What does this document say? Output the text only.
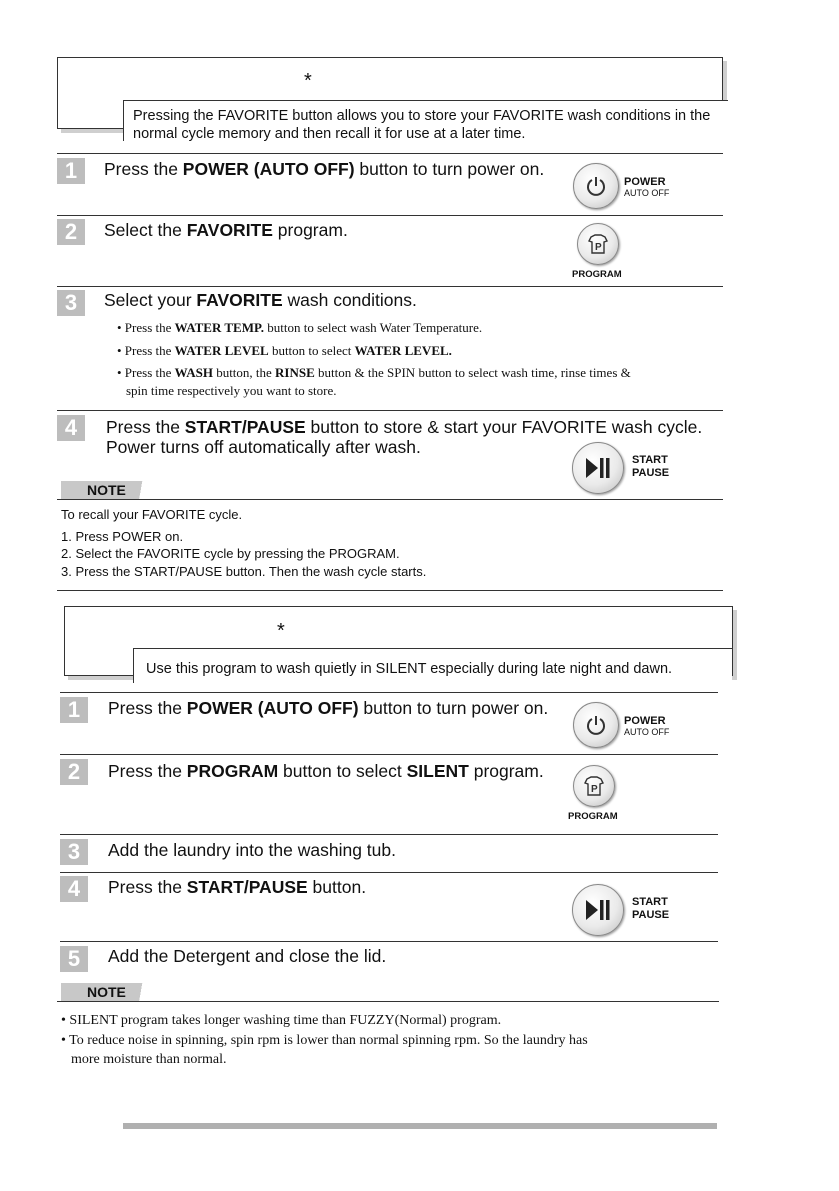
*
Pressing the FAVORITE button allows you to store your FAVORITE wash conditions in the normal cycle memory and then recall it for use at a later time.
1	Press the POWER (AUTO OFF) button to turn power on.
POWER
AUTO OFF
2	Select the FAVORITE program.
P
PROGRAM
3	Select your FAVORITE wash conditions.
• Press the WATER TEMP. button to select wash Water Temperature.
• Press the WATER LEVEL button to select WATER LEVEL.
• Press the WASH button, the RINSE button & the SPIN button to select wash time, rinse times &
spin time respectively you want to store.
4	Press the START/PAUSE button to store & start your FAVORITE wash cycle.
Power turns off automatically after wash.
START
PAUSE
NOTE
To recall your FAVORITE cycle.
1. Press POWER on.
2. Select the FAVORITE cycle by pressing the PROGRAM.
3. Press the START/PAUSE button. Then the wash cycle starts.
*
Use this program to wash quietly in SILENT especially during late night and dawn.
1	Press the POWER (AUTO OFF) button to turn power on.
POWER
AUTO OFF
2	Press the PROGRAM button to select SILENT program.
P
PROGRAM
3	Add the laundry into the washing tub.
4	Press the START/PAUSE button.
START
PAUSE
5	Add the Detergent and close the lid.
NOTE
• SILENT program takes longer washing time than FUZZY(Normal) program.
• To reduce noise in spinning, spin rpm is lower than normal spinning rpm. So the laundry has
more moisture than normal.
